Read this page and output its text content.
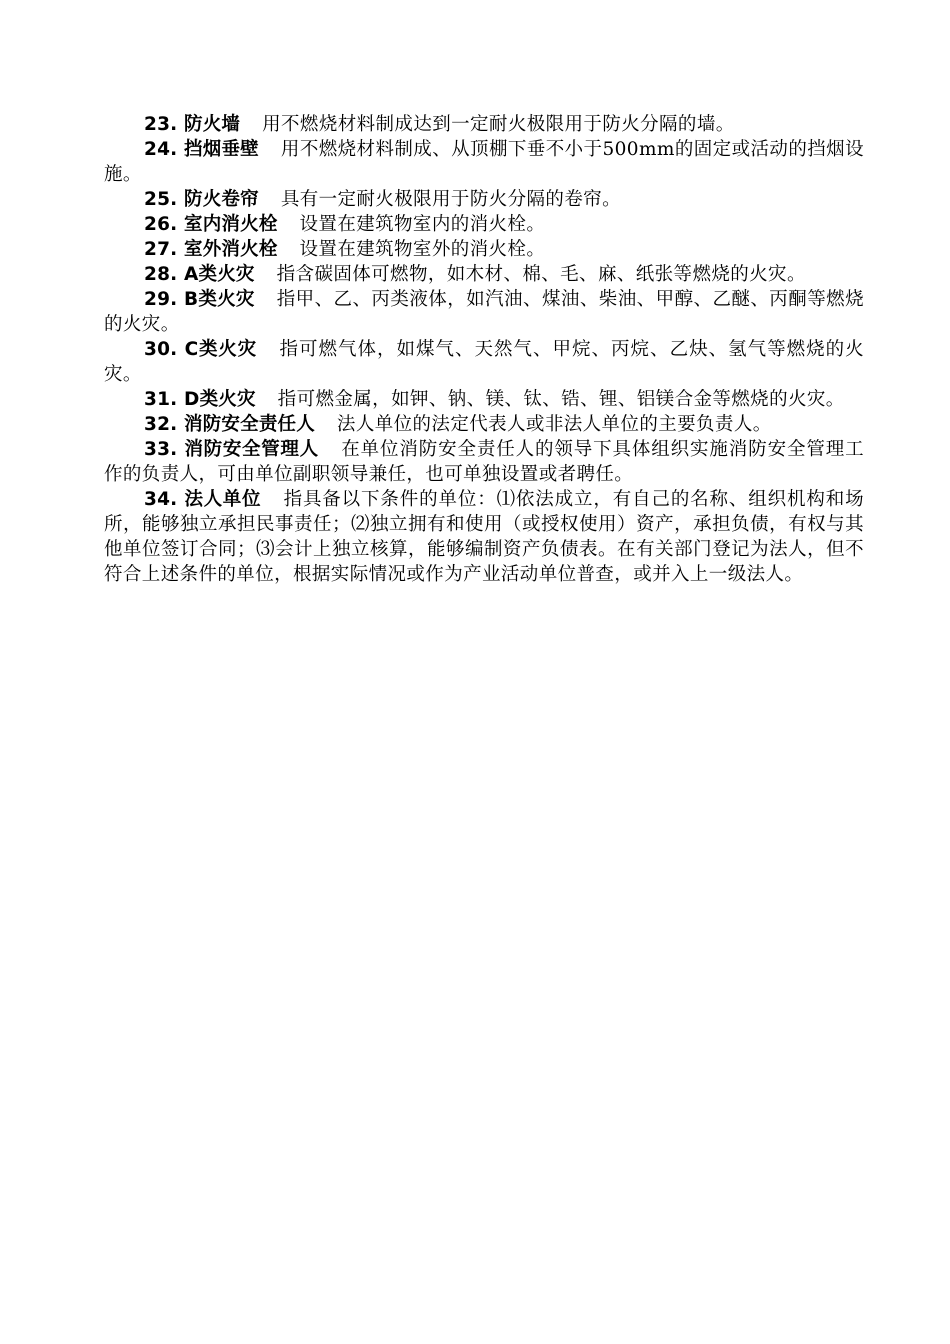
23. 防火墙 用不燃烧材料制成达到一定耐火极限用于防火分隔的墙。

24. 挡烟垂壁 用不燃烧材料制成、从顶棚下垂不小于500mm的固定或活动的挡烟设施。

25. 防火卷帘 具有一定耐火极限用于防火分隔的卷帘。

26. 室内消火栓 设置在建筑物室内的消火栓。

27. 室外消火栓 设置在建筑物室外的消火栓。

28. A类火灾 指含碳固体可燃物，如木材、棉、毛、麻、纸张等燃烧的火灾。

29. B类火灾 指甲、乙、丙类液体，如汽油、煤油、柴油、甲醇、乙醚、丙酮等燃烧的火灾。

30. C类火灾 指可燃气体，如煤气、天然气、甲烷、丙烷、乙炔、氢气等燃烧的火灾。

31. D类火灾 指可燃金属，如钾、钠、镁、钛、锆、锂、铝镁合金等燃烧的火灾。

32. 消防安全责任人 法人单位的法定代表人或非法人单位的主要负责人。

33. 消防安全管理人 在单位消防安全责任人的领导下具体组织实施消防安全管理工作的负责人，可由单位副职领导兼任，也可单独设置或者聘任。

34. 法人单位 指具备以下条件的单位：⑴依法成立，有自己的名称、组织机构和场所，能够独立承担民事责任；⑵独立拥有和使用（或授权使用）资产，承担负债，有权与其他单位签订合同；⑶会计上独立核算，能够编制资产负债表。在有关部门登记为法人，但不符合上述条件的单位，根据实际情况或作为产业活动单位普查，或并入上一级法人。
